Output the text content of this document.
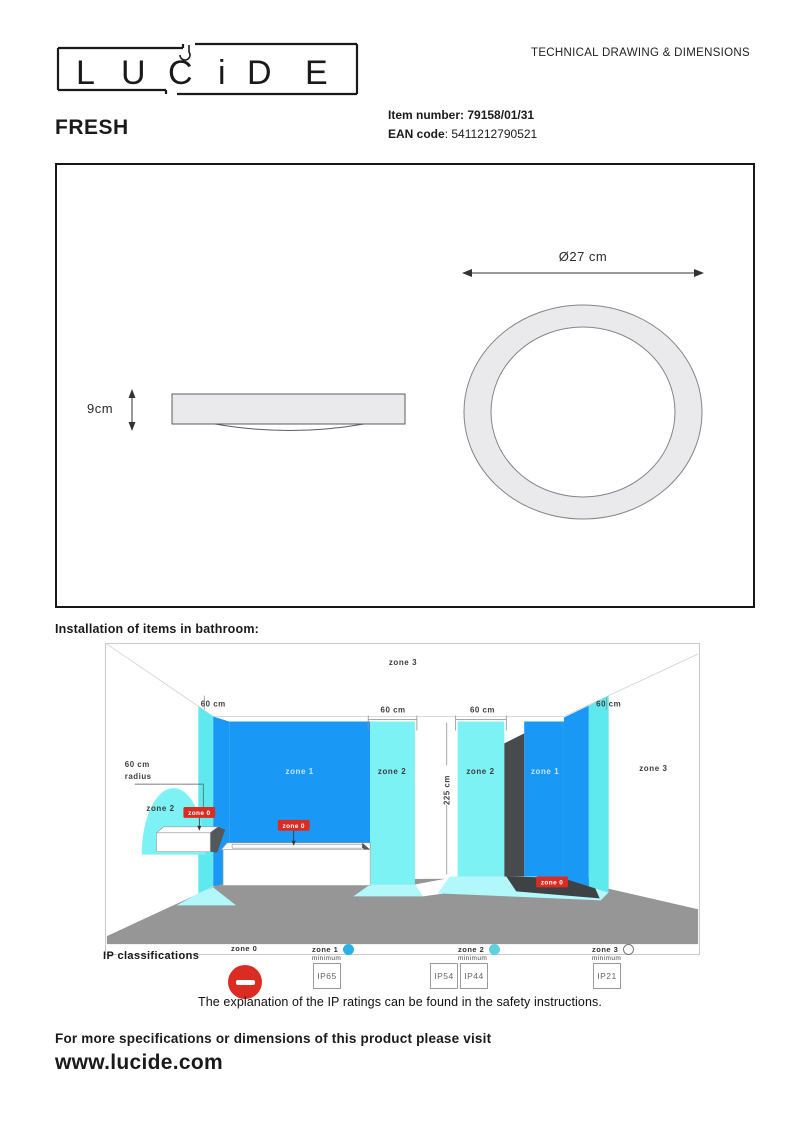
TECHNICAL DRAWING & DIMENSIONS
L U C i D E
FRESH
Item number: 79158/01/31
EAN code: 5411212790521
Ø27 cm
9cm
Installation of items in bathroom:
225 cm
60 cm	60 cm
60 cm	60 cm
60 cm
radius
zone 3
zone 1	zone 2	zone 2	zone 1	zone 3
zone 2
zone 0
zone 0
zone 0
IP classifications
zone 0	zone 1
minimum
IP65
zone 2
minimum
IP54	IP44
zone 3
minimum
IP21
The explanation of the IP ratings can be found in the safety instructions.
For more specifications or dimensions of this product please visit
www.lucide.com
